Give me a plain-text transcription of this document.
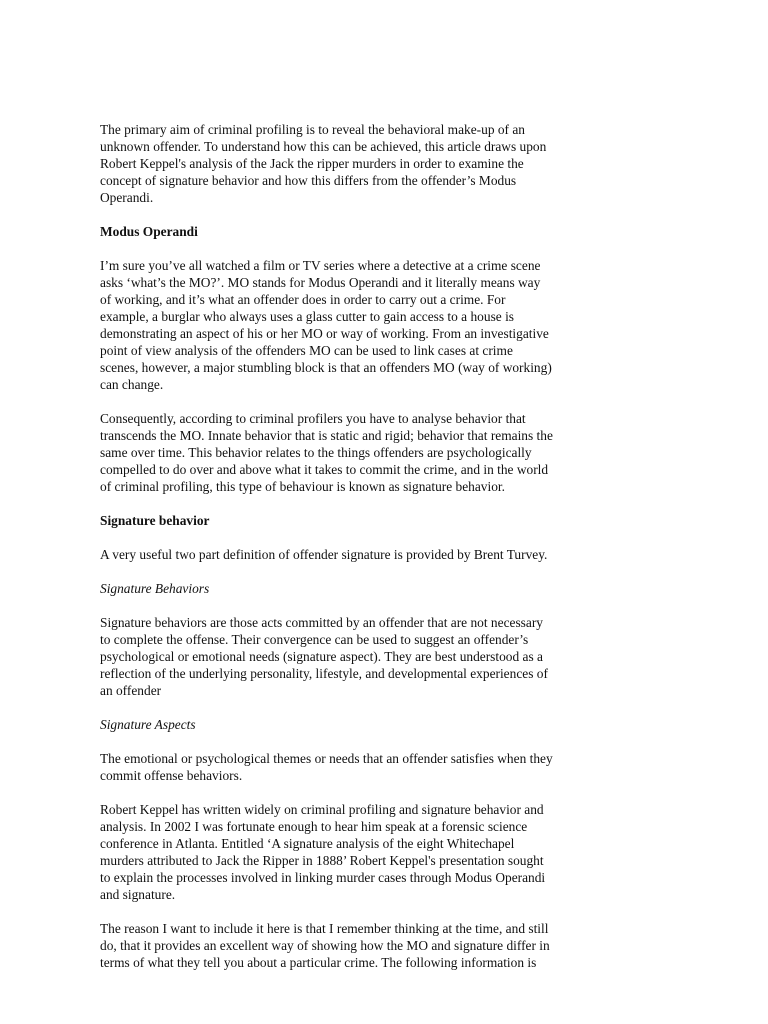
The primary aim of criminal profiling is to reveal the behavioral make-up of an
unknown offender. To understand how this can be achieved, this article draws upon
Robert Keppel's analysis of the Jack the ripper murders in order to examine the
concept of signature behavior and how this differs from the offender’s Modus
Operandi.

Modus Operandi

I’m sure you’ve all watched a film or TV series where a detective at a crime scene
asks ‘what’s the MO?’. MO stands for Modus Operandi and it literally means way
of working, and it’s what an offender does in order to carry out a crime. For
example, a burglar who always uses a glass cutter to gain access to a house is
demonstrating an aspect of his or her MO or way of working. From an investigative
point of view analysis of the offenders MO can be used to link cases at crime
scenes, however, a major stumbling block is that an offenders MO (way of working)
can change.

Consequently, according to criminal profilers you have to analyse behavior that
transcends the MO. Innate behavior that is static and rigid; behavior that remains the
same over time. This behavior relates to the things offenders are psychologically
compelled to do over and above what it takes to commit the crime, and in the world
of criminal profiling, this type of behaviour is known as signature behavior.

Signature behavior

A very useful two part definition of offender signature is provided by Brent Turvey.

Signature Behaviors

Signature behaviors are those acts committed by an offender that are not necessary
to complete the offense. Their convergence can be used to suggest an offender’s
psychological or emotional needs (signature aspect). They are best understood as a
reflection of the underlying personality, lifestyle, and developmental experiences of
an offender

Signature Aspects

The emotional or psychological themes or needs that an offender satisfies when they
commit offense behaviors.

Robert Keppel has written widely on criminal profiling and signature behavior and
analysis. In 2002 I was fortunate enough to hear him speak at a forensic science
conference in Atlanta. Entitled ‘A signature analysis of the eight Whitechapel
murders attributed to Jack the Ripper in 1888’ Robert Keppel's presentation sought
to explain the processes involved in linking murder cases through Modus Operandi
and signature.

The reason I want to include it here is that I remember thinking at the time, and still
do, that it provides an excellent way of showing how the MO and signature differ in
terms of what they tell you about a particular crime. The following information is
